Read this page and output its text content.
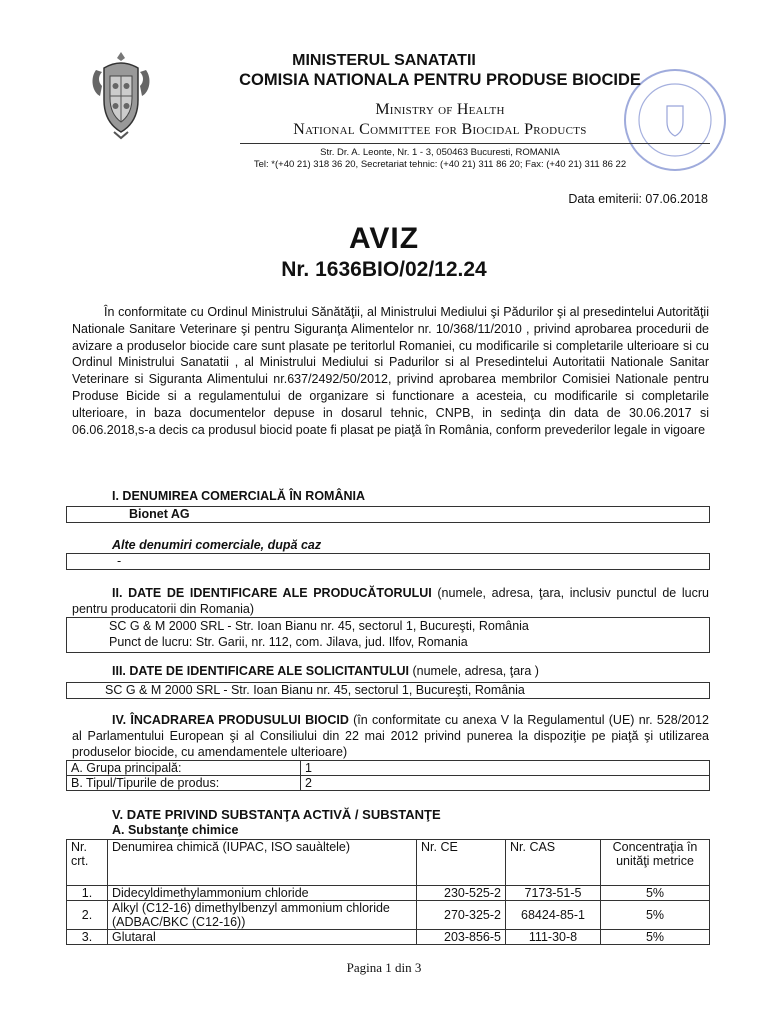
MINISTERUL SANATATII
COMISIA NATIONALA PENTRU PRODUSE BIOCIDE
Ministry of Health
National Committee for Biocidal Products
Str. Dr. A. Leonte, Nr. 1 - 3, 050463 Bucuresti, ROMANIA
Tel: *(+40 21) 318 36 20, Secretariat tehnic: (+40 21) 311 86 20; Fax: (+40 21) 311 86 22
Data emiterii: 07.06.2018
AVIZ
Nr. 1636BIO/02/12.24

În conformitate cu Ordinul Ministrului Sănătăţii, al Ministrului Mediului şi Pădurilor şi al presedintelui Autorităţii Nationale Sanitare Veterinare şi pentru Siguranţa Alimentelor nr. 10/368/11/2010 , privind aprobarea procedurii de avizare a produselor biocide care sunt plasate pe teritorlul Romaniei, cu modificarile si completarile ulterioare si cu Ordinul Ministrului Sanatatii , al Ministrului Mediului si Padurilor si al Presedintelui Autoritatii Nationale Sanitar Veterinare si Siguranta Alimentului nr.637/2492/50/2012, privind aprobarea membrilor Comisiei Nationale pentru Produse Bicide si a regulamentului de organizare si functionare a acesteia, cu modificarile si completarile ulterioare, in baza documentelor depuse in dosarul tehnic, CNPB, in sedinţa din data de 30.06.2017 si 06.06.2018,s-a decis ca produsul biocid poate fi plasat pe piaţă în România, conform prevederilor legale in vigoare

I. DENUMIREA COMERCIALĂ ÎN ROMÂNIA
Bionet AG
Alte denumiri comerciale, după caz
-
II. DATE DE IDENTIFICARE ALE PRODUCĂTORULUI (numele, adresa, ţara, inclusiv punctul de lucru pentru producatorii din Romania)
SC G & M 2000 SRL - Str. Ioan Bianu nr. 45, sectorul 1, Bucureşti, România
Punct de lucru: Str. Garii, nr. 112, com. Jilava, jud. Ilfov, Romania
III. DATE DE IDENTIFICARE ALE SOLICITANTULUI (numele, adresa, ţara )
SC G & M 2000 SRL - Str. Ioan Bianu nr. 45, sectorul 1, Bucureşti, România
IV. ÎNCADRAREA PRODUSULUI BIOCID (în conformitate cu anexa V la Regulamentul (UE) nr. 528/2012 al Parlamentului European şi al Consiliului din 22 mai 2012 privind punerea la dispoziţie pe piaţă şi utilizarea produselor biocide, cu amendamentele ulterioare)
A. Grupa principală:	1
B. Tipul/Tipurile de produs:	2
V. DATE PRIVIND SUBSTANŢA ACTIVĂ / SUBSTANŢE
A. Substanţe chimice
Nr. crt.	Denumirea chimică (IUPAC, ISO sauàltele)	Nr. CE	Nr. CAS	Concentraţia în unităţi metrice
1.	Didecyldimethylammonium chloride	230-525-2	7173-51-5	5%
2.	Alkyl (C12-16) dimethylbenzyl ammonium chloride (ADBAC/BKC (C12-16))	270-325-2	68424-85-1	5%
3.	Glutaral	203-856-5	111-30-8	5%
Pagina 1 din 3
